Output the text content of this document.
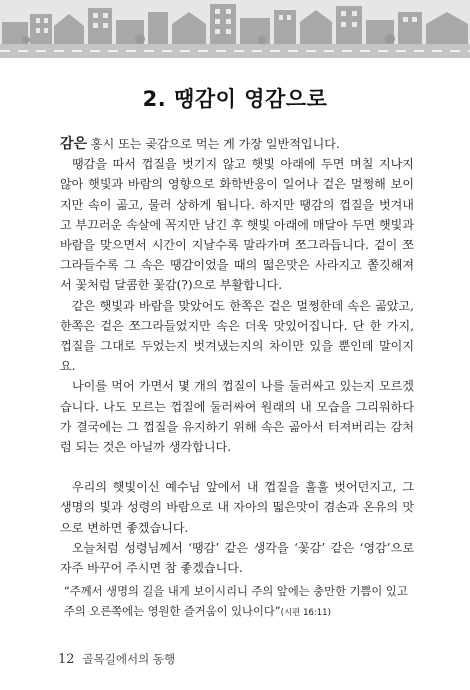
2. 땡감이 영감으로

감은 홍시 또는 곶감으로 먹는 게 가장 일반적입니다.

땡감을 따서 껍질을 벗기지 않고 햇빛 아래에 두면 며칠 지나지 않아 햇빛과 바람의 영향으로 화학반응이 일어나 겉은 멀쩡해 보이지만 속이 곪고, 물러 상하게 됩니다. 하지만 땡감의 껍질을 벗겨내고 부끄러운 속살에 꼭지만 남긴 후 햇빛 아래에 매달아 두면 햇빛과 바람을 맞으면서 시간이 지날수록 말라가며 쪼그라듭니다. 겉이 쪼그라들수록 그 속은 땡감이었을 때의 떫은맛은 사라지고 쫄깃해져서 꽃처럼 달콤한 꽃감(?)으로 부활합니다.

같은 햇빛과 바람을 맞았어도 한쪽은 겉은 멀쩡한데 속은 곪았고, 한쪽은 겉은 쪼그라들었지만 속은 더욱 맛있어집니다. 단 한 가지, 껍질을 그대로 두었는지 벗겨냈는지의 차이만 있을 뿐인데 말이지요.

나이를 먹어 가면서 몇 개의 껍질이 나를 둘러싸고 있는지 모르겠습니다. 나도 모르는 껍질에 둘러싸여 원래의 내 모습을 그리워하다가 결국에는 그 껍질을 유지하기 위해 속은 곪아서 터져버리는 감처럼 되는 것은 아닐까 생각합니다.

우리의 햇빛이신 예수님 앞에서 내 껍질을 훌훌 벗어던지고, 그 생명의 빛과 성령의 바람으로 내 자아의 떫은맛이 겸손과 온유의 맛으로 변하면 좋겠습니다.

오늘처럼 성령님께서 ‘땡감’ 같은 생각을 ‘꽃감’ 같은 ‘영감’으로 자주 바꾸어 주시면 참 좋겠습니다.

“주께서 생명의 길을 내게 보이시리니 주의 앞에는 충만한 기쁨이 있고 주의 오른쪽에는 영원한 즐거움이 있나이다”(시편 16:11)
12 골목길에서의 동행
